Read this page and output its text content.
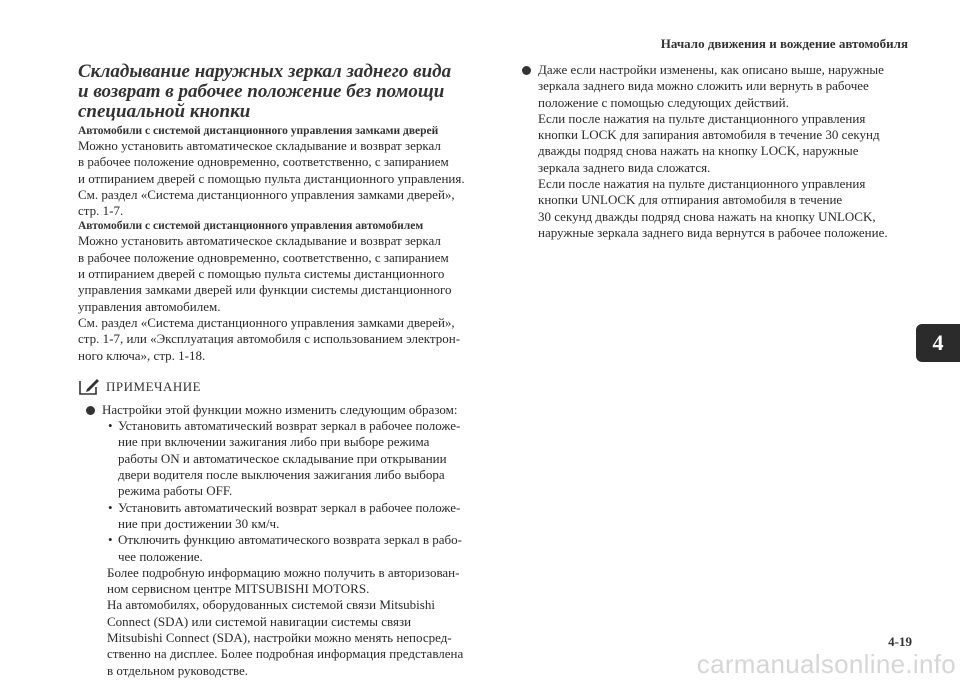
Начало движения и вождение автомобиля
Складывание наружных зеркал заднего вида
и возврат в рабочее положение без помощи
специальной кнопки
Автомобили с системой дистанционного управления замками дверей
Можно установить автоматическое складывание и возврат зеркал
в рабочее положение одновременно, соответственно, с запиранием
и отпиранием дверей с помощью пульта дистанционного управления.
См. раздел «Система дистанционного управления замками дверей»,
стр. 1-7.
Автомобили с системой дистанционного управления автомобилем
Можно установить автоматическое складывание и возврат зеркал
в рабочее положение одновременно, соответственно, с запиранием
и отпиранием дверей с помощью пульта системы дистанционного
управления замками дверей или функции системы дистанционного
управления автомобилем.
См. раздел «Система дистанционного управления замками дверей»,
стр. 1-7, или «Эксплуатация автомобиля с использованием электрон-
ного ключа», стр. 1-18.
ПРИМЕЧАНИЕ
Настройки этой функции можно изменить следующим образом:
• Установить автоматический возврат зеркал в рабочее положе-
ние при включении зажигания либо при выборе режима
работы ON и автоматическое складывание при открывании
двери водителя после выключения зажигания либо выбора
режима работы OFF.
• Установить автоматический возврат зеркал в рабочее положе-
ние при достижении 30 км/ч.
• Отключить функцию автоматического возврата зеркал в рабо-
чее положение.
Более подробную информацию можно получить в авторизован-
ном сервисном центре MITSUBISHI MOTORS.
На автомобилях, оборудованных системой связи Mitsubishi
Connect (SDA) или системой навигации системы связи
Mitsubishi Connect (SDA), настройки можно менять непосред-
ственно на дисплее. Более подробная информация представлена
в отдельном руководстве.
Даже если настройки изменены, как описано выше, наружные
зеркала заднего вида можно сложить или вернуть в рабочее
положение с помощью следующих действий.
Если после нажатия на пульте дистанционного управления
кнопки LOCK для запирания автомобиля в течение 30 секунд
дважды подряд снова нажать на кнопку LOCK, наружные
зеркала заднего вида сложатся.
Если после нажатия на пульте дистанционного управления
кнопки UNLOCK для отпирания автомобиля в течение
30 секунд дважды подряд снова нажать на кнопку UNLOCK,
наружные зеркала заднего вида вернутся в рабочее положение.
4
4-19
carmanualsonline.info
